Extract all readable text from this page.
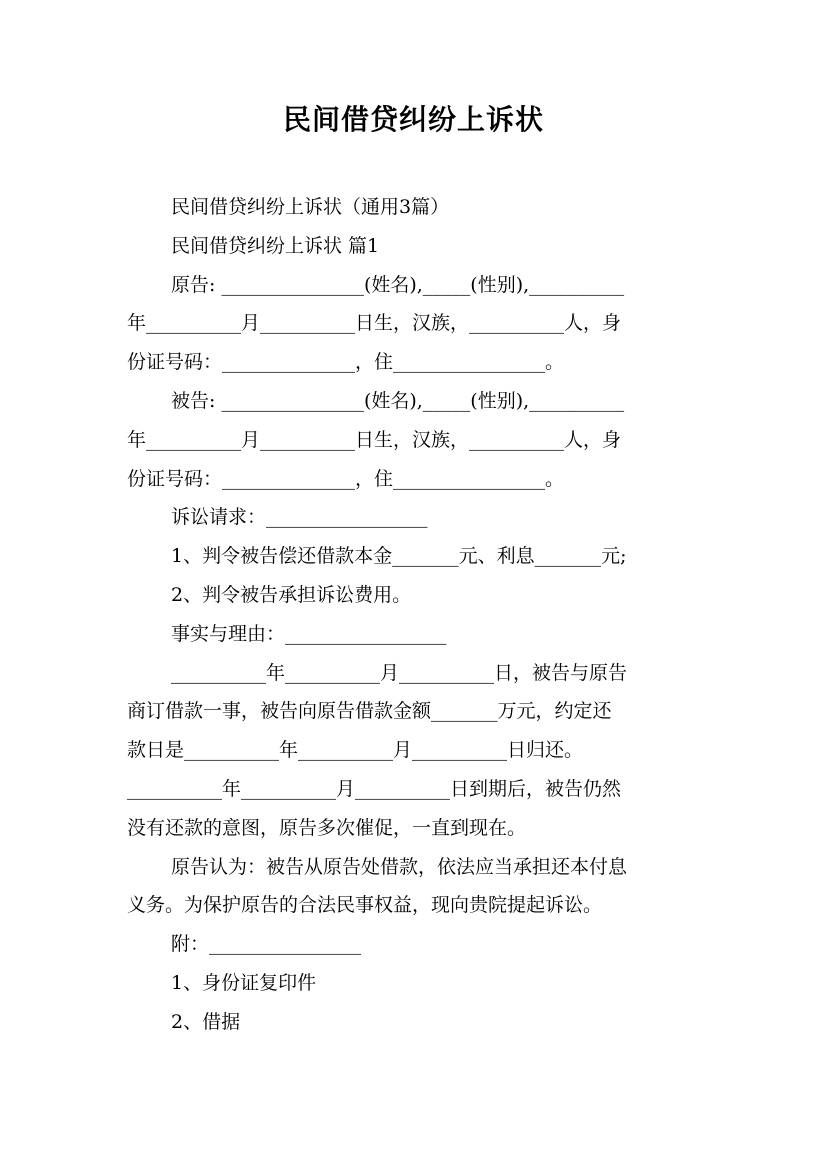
民间借贷纠纷上诉状
民间借贷纠纷上诉状（通用3篇）
民间借贷纠纷上诉状 篇1
原告: _______________(姓名),_____(性别),__________
年__________月__________日生，汉族，__________人，身
份证号码：______________，住________________。
被告: _______________(姓名),_____(性别),__________
年__________月__________日生，汉族，__________人，身
份证号码：______________，住________________。
诉讼请求：_________________
1、判令被告偿还借款本金_______元、利息_______元;
2、判令被告承担诉讼费用。
事实与理由：_________________
__________年__________月__________日，被告与原告
商订借款一事，被告向原告借款金额_______万元，约定还
款日是__________年__________月__________日归还。
__________年__________月__________日到期后，被告仍然
没有还款的意图，原告多次催促，一直到现在。
原告认为：被告从原告处借款，依法应当承担还本付息
义务。为保护原告的合法民事权益，现向贵院提起诉讼。
附：________________
1、身份证复印件
2、借据
